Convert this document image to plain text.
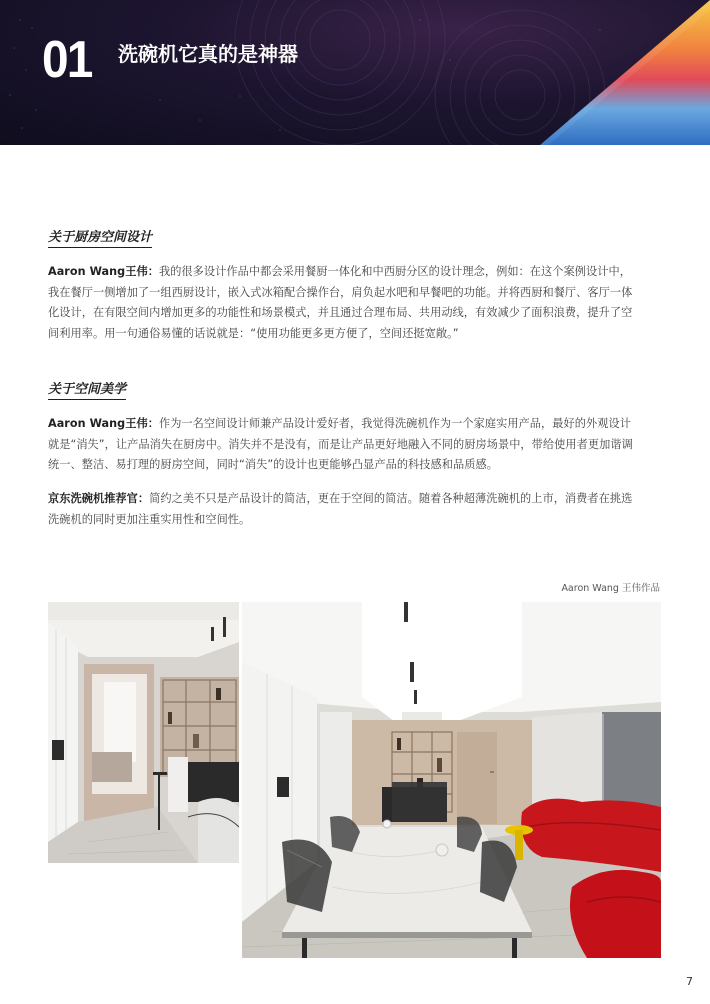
01 洗碗机它真的是神器
关于厨房空间设计
Aaron Wang王伟：我的很多设计作品中都会采用餐厨一体化和中西厨分区的设计理念，例如：在这个案例设计中，我在餐厅一侧增加了一组西厨设计，嵌入式冰箱配合操作台，肩负起水吧和早餐吧的功能。并将西厨和餐厅、客厅一体化设计，在有限空间内增加更多的功能性和场景模式，并且通过合理布局、共用动线，有效减少了面积浪费，提升了空间利用率。用一句通俗易懂的话说就是：“使用功能更多更方便了，空间还挺宽敞。”
关于空间美学
Aaron Wang王伟：作为一名空间设计师兼产品设计爱好者，我觉得洗碗机作为一个家庭实用产品，最好的外观设计就是“消失”，让产品消失在厨房中。消失并不是没有，而是让产品更好地融入不同的厨房场景中，带给使用者更加谐调统一、整洁、易打理的厨房空间，同时“消失”的设计也更能够凸显产品的科技感和品质感。
京东洗碗机推荐官：简约之美不只是产品设计的简洁，更在于空间的简洁。随着各种超薄洗碗机的上市，消费者在挑选洗碗机的同时更加注重实用性和空间性。
Aaron Wang 王伟作品
7
